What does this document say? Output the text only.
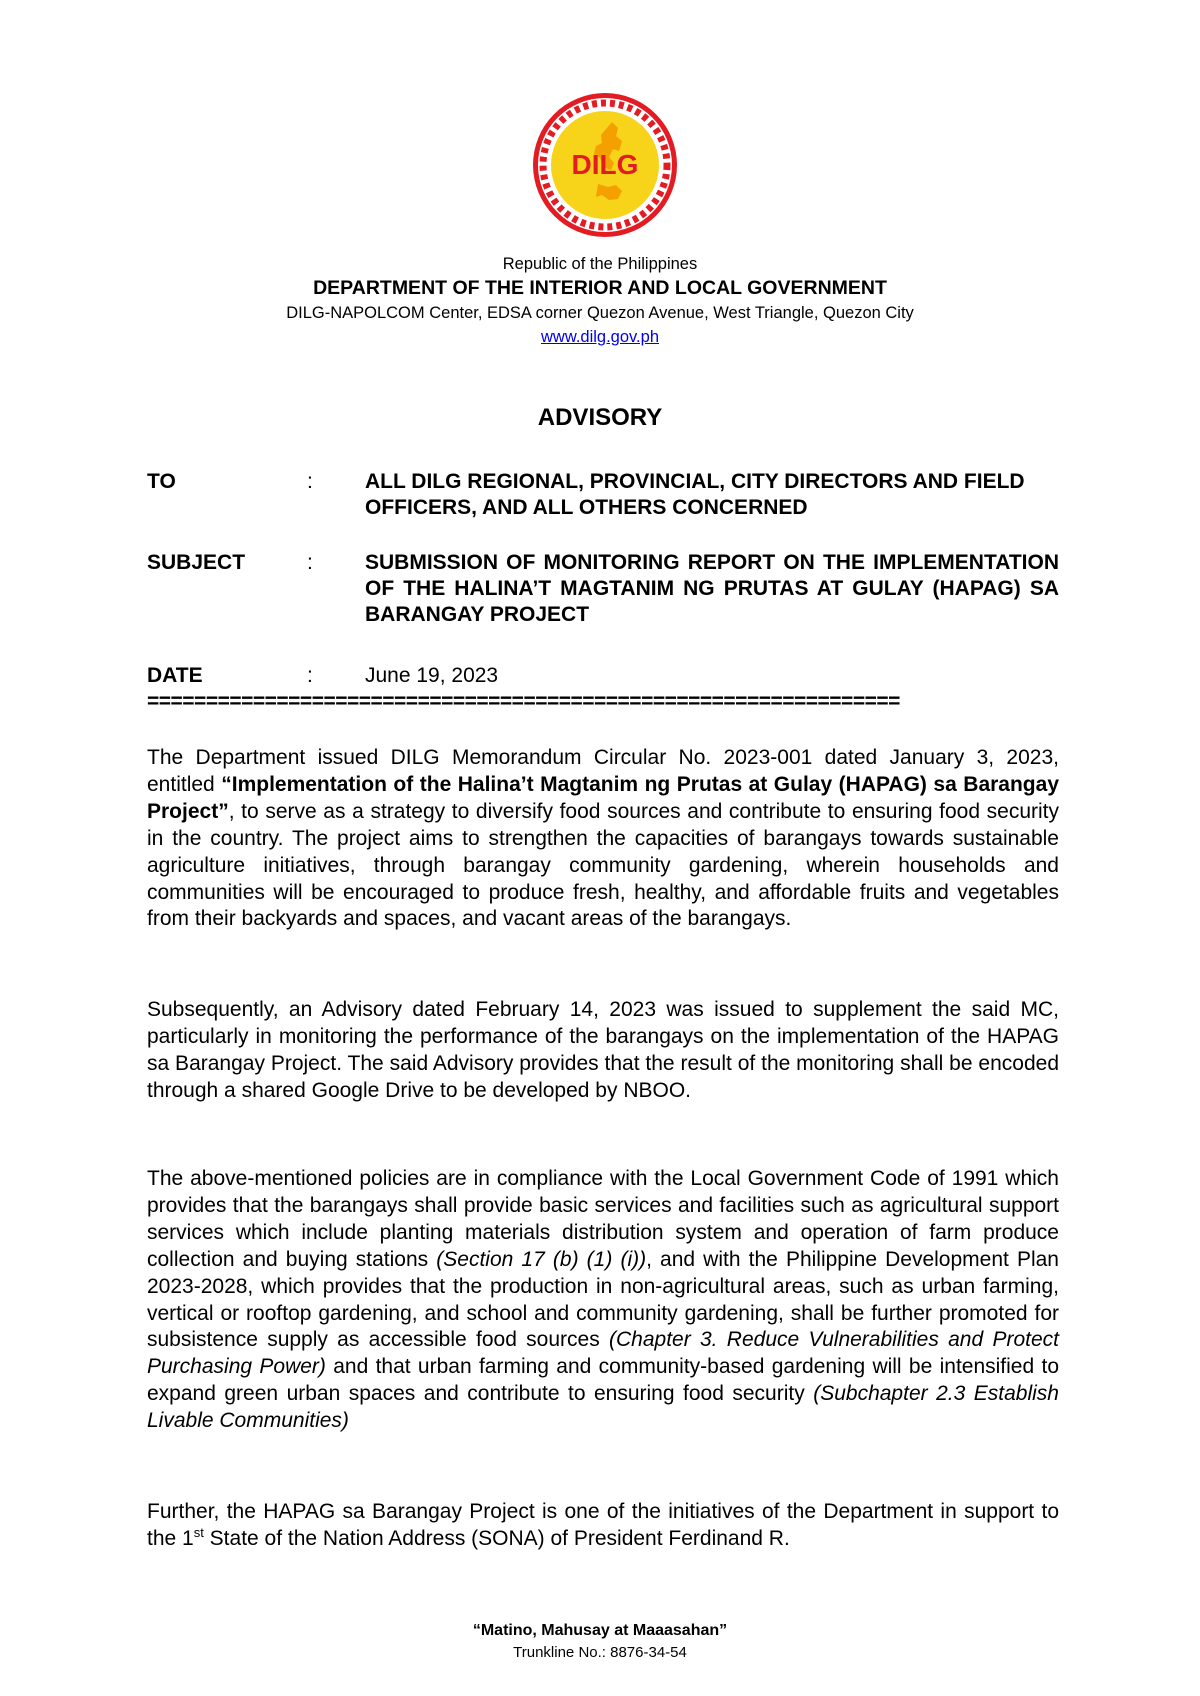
DILG
Republic of the Philippines
DEPARTMENT OF THE INTERIOR AND LOCAL GOVERNMENT
DILG-NAPOLCOM Center, EDSA corner Quezon Avenue, West Triangle, Quezon City
www.dilg.gov.ph
ADVISORY
TO	: ALL DILG REGIONAL, PROVINCIAL, CITY DIRECTORS AND FIELD OFFICERS, AND ALL OTHERS CONCERNED
SUBJECT	: SUBMISSION OF MONITORING REPORT ON THE IMPLEMENTATION OF THE HALINA’T MAGTANIM NG PRUTAS AT GULAY (HAPAG) SA BARANGAY PROJECT
DATE	: June 19, 2023
================================================================
The Department issued DILG Memorandum Circular No. 2023-001 dated January 3, 2023, entitled “Implementation of the Halina’t Magtanim ng Prutas at Gulay (HAPAG) sa Barangay Project”, to serve as a strategy to diversify food sources and contribute to ensuring food security in the country. The project aims to strengthen the capacities of barangays towards sustainable agriculture initiatives, through barangay community gardening, wherein households and communities will be encouraged to produce fresh, healthy, and affordable fruits and vegetables from their backyards and spaces, and vacant areas of the barangays.
Subsequently, an Advisory dated February 14, 2023 was issued to supplement the said MC, particularly in monitoring the performance of the barangays on the implementation of the HAPAG sa Barangay Project. The said Advisory provides that the result of the monitoring shall be encoded through a shared Google Drive to be developed by NBOO.
The above-mentioned policies are in compliance with the Local Government Code of 1991 which provides that the barangays shall provide basic services and facilities such as agricultural support services which include planting materials distribution system and operation of farm produce collection and buying stations (Section 17 (b) (1) (i)), and with the Philippine Development Plan 2023-2028, which provides that the production in non-agricultural areas, such as urban farming, vertical or rooftop gardening, and school and community gardening, shall be further promoted for subsistence supply as accessible food sources (Chapter 3. Reduce Vulnerabilities and Protect Purchasing Power) and that urban farming and community-based gardening will be intensified to expand green urban spaces and contribute to ensuring food security (Subchapter 2.3 Establish Livable Communities)
Further, the HAPAG sa Barangay Project is one of the initiatives of the Department in support to the 1st State of the Nation Address (SONA) of President Ferdinand R.
“Matino, Mahusay at Maaasahan”
Trunkline No.: 8876-34-54
